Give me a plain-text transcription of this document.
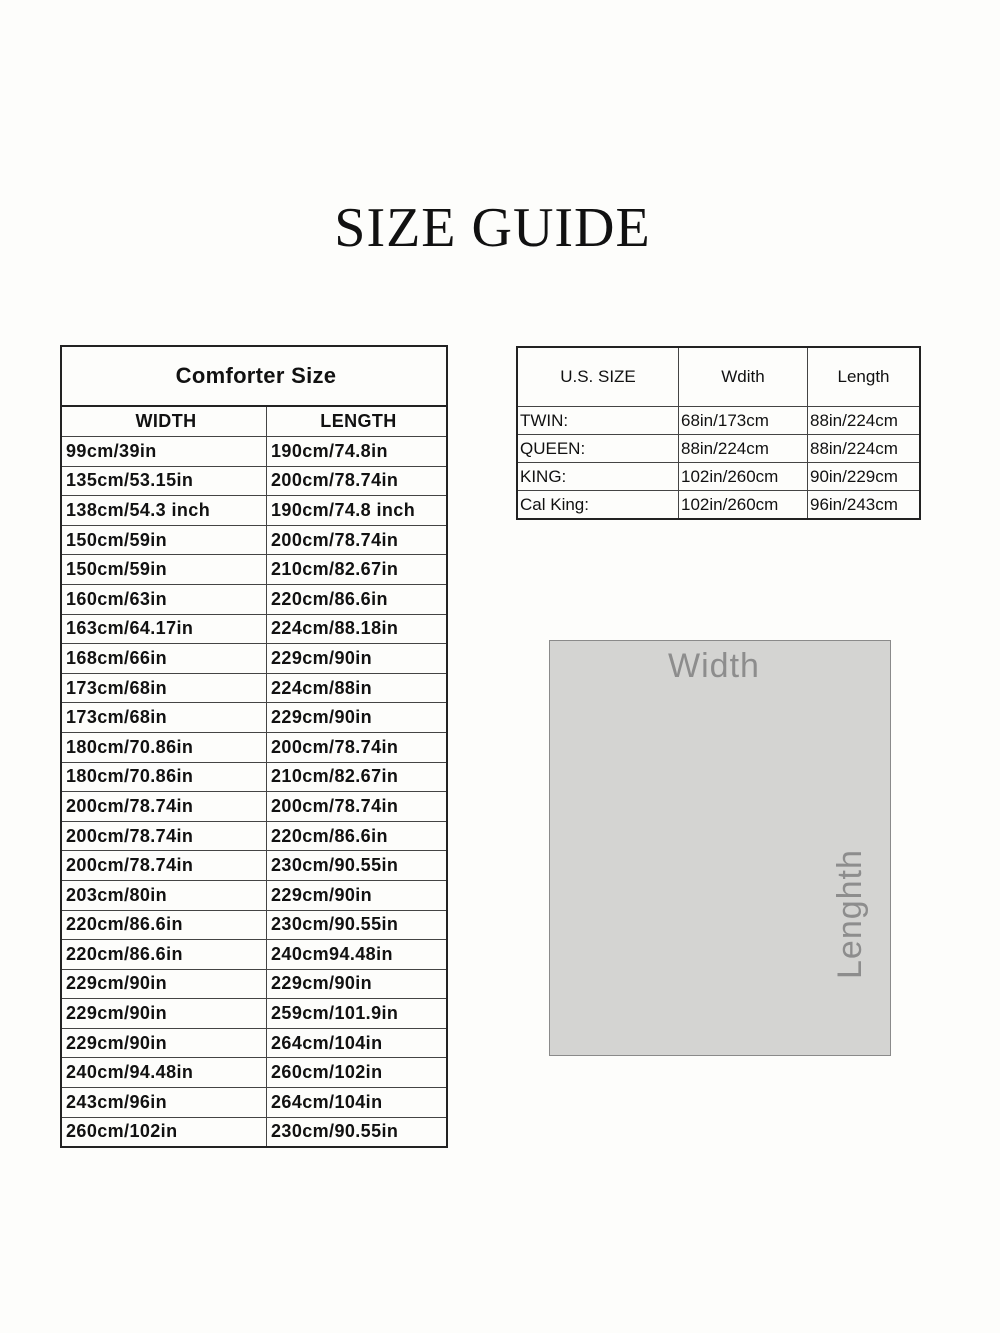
SIZE GUIDE
Comforter Size	
WIDTH	LENGTH
99cm/39in	190cm/74.8in
135cm/53.15in	200cm/78.74in
138cm/54.3 inch	190cm/74.8 inch
150cm/59in	200cm/78.74in
150cm/59in	210cm/82.67in
160cm/63in	220cm/86.6in
163cm/64.17in	224cm/88.18in
168cm/66in	229cm/90in
173cm/68in	224cm/88in
173cm/68in	229cm/90in
180cm/70.86in	200cm/78.74in
180cm/70.86in	210cm/82.67in
200cm/78.74in	200cm/78.74in
200cm/78.74in	220cm/86.6in
200cm/78.74in	230cm/90.55in
203cm/80in	229cm/90in
220cm/86.6in	230cm/90.55in
220cm/86.6in	240cm94.48in
229cm/90in	229cm/90in
229cm/90in	259cm/101.9in
229cm/90in	264cm/104in
240cm/94.48in	260cm/102in
243cm/96in	264cm/104in
260cm/102in	230cm/90.55in
U.S. SIZE	Wdith	Length
TWIN:	68in/173cm	88in/224cm
QUEEN:	88in/224cm	88in/224cm
KING:	102in/260cm	90in/229cm
Cal King:	102in/260cm	96in/243cm
Width
Lenghth
